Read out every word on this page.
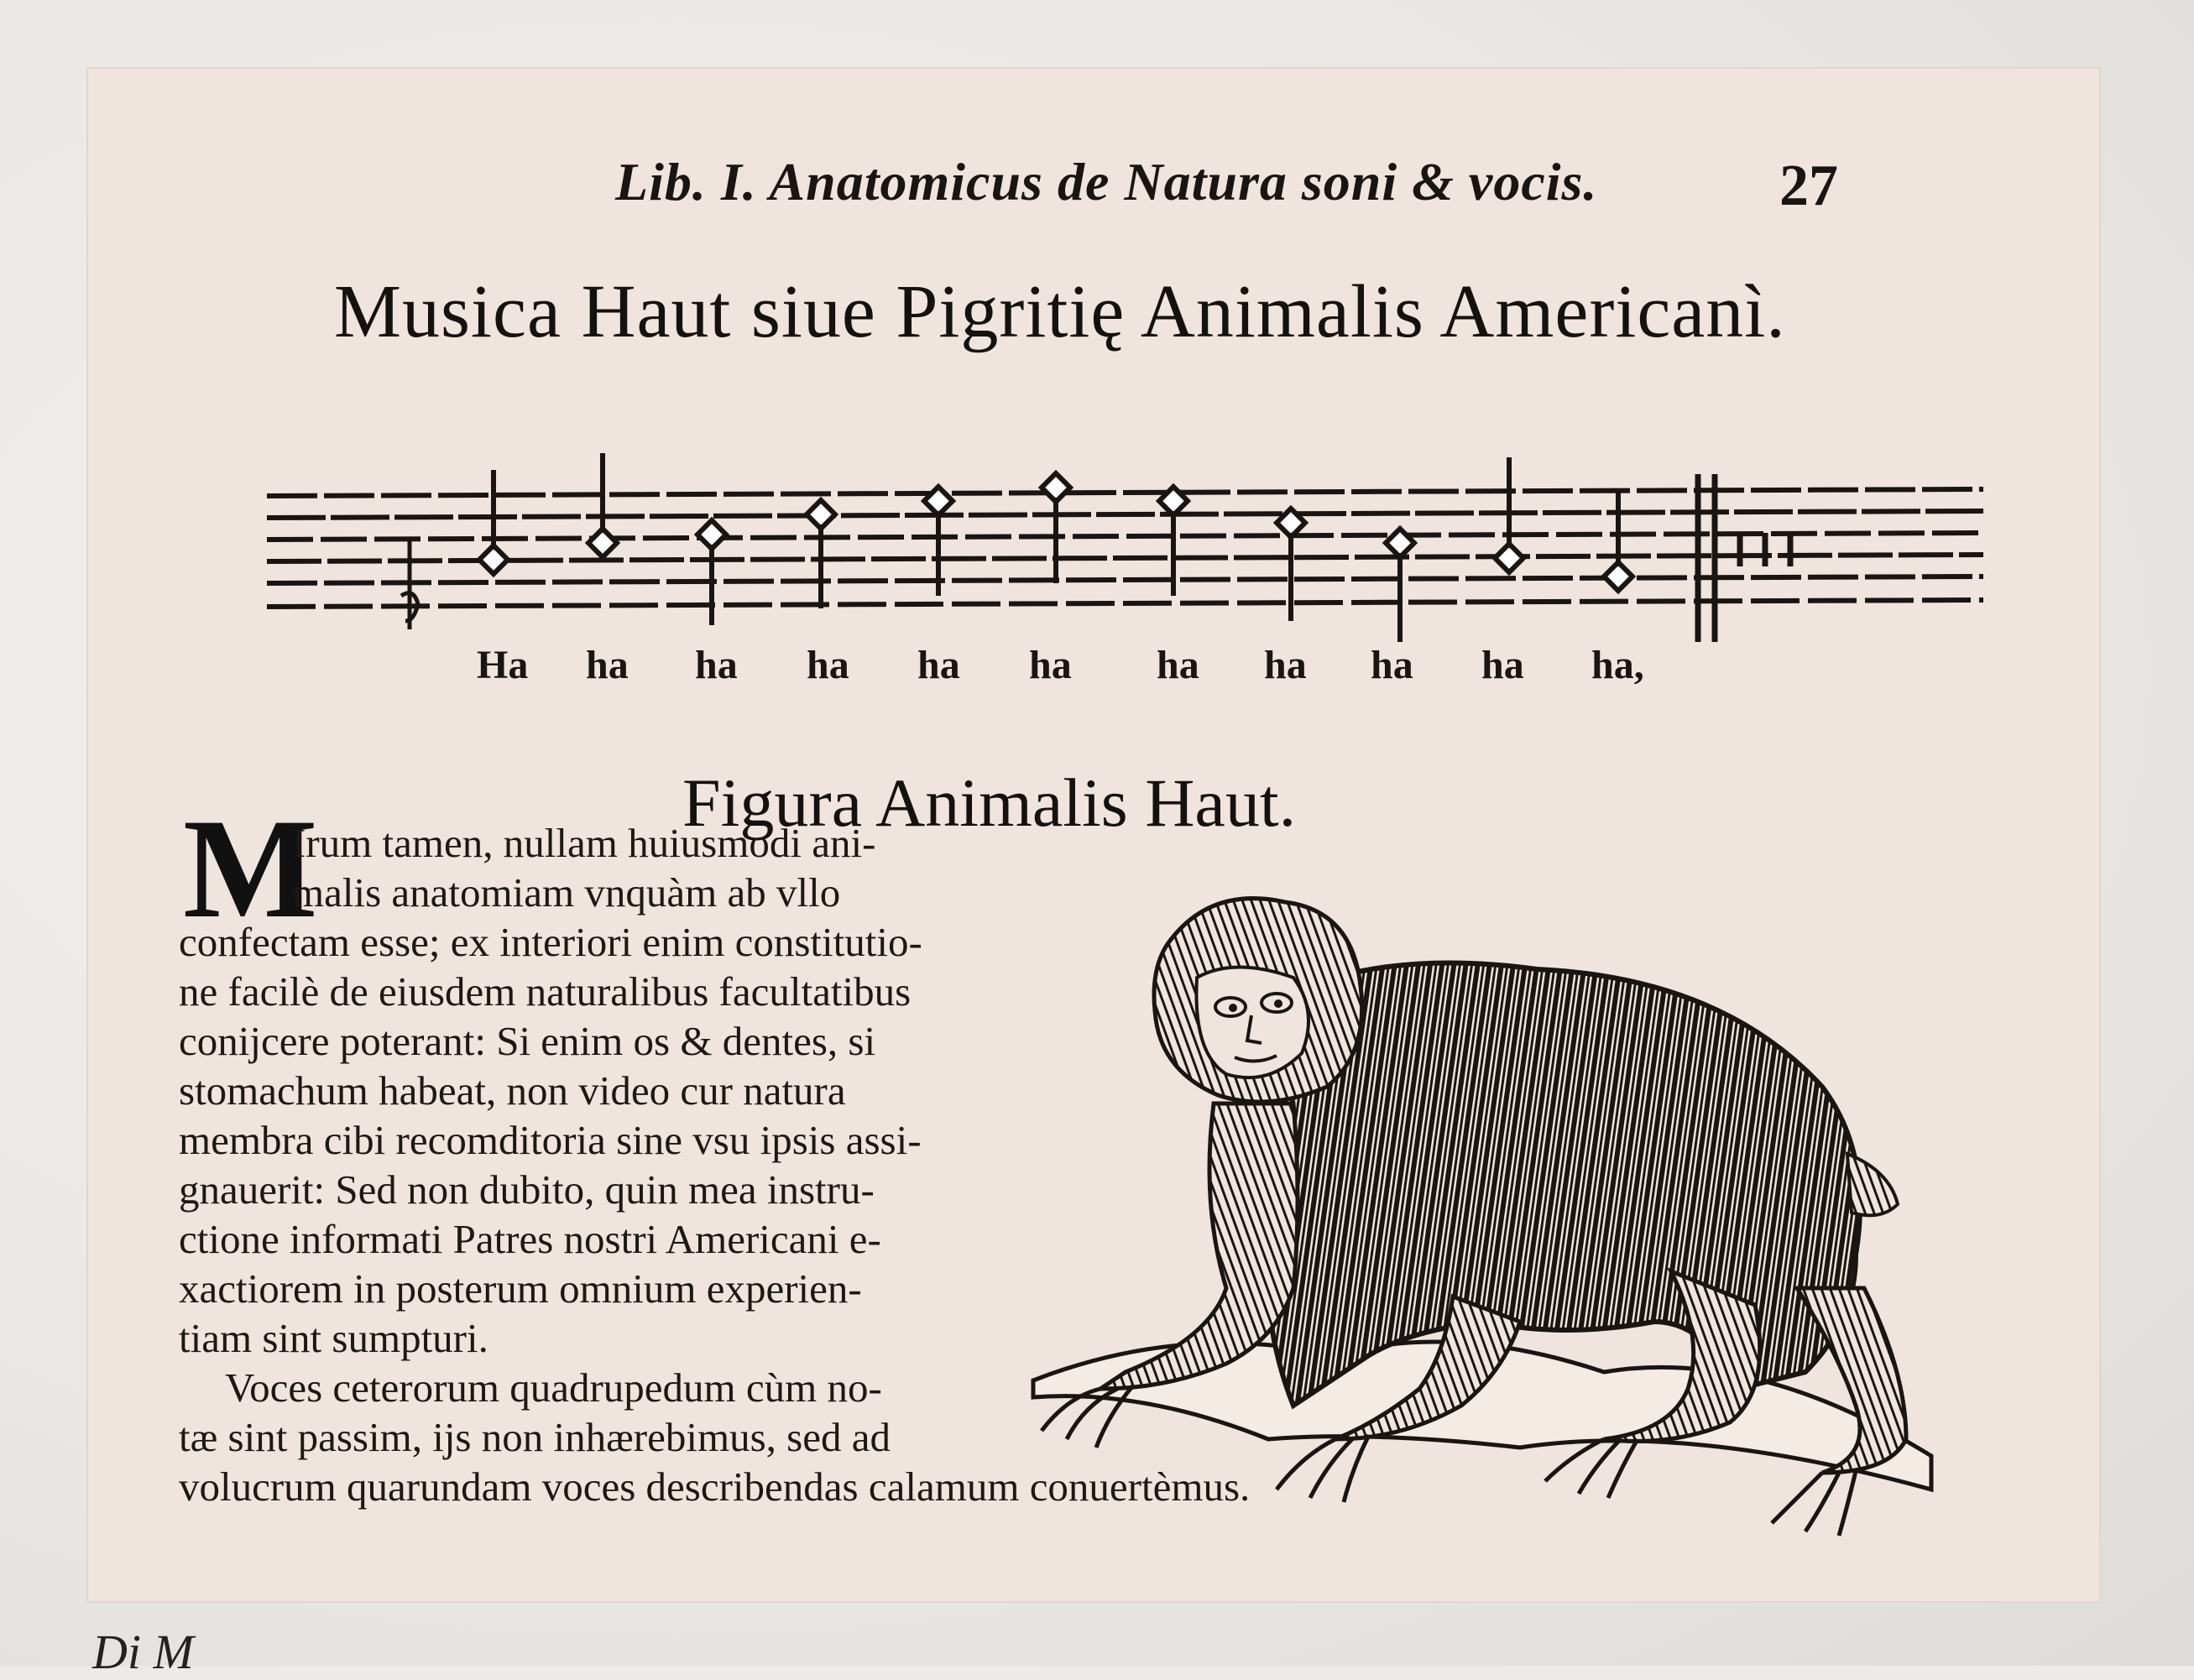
Lib. I. Anatomicus de Natura soni & vocis.	27
Musica Haut siue Pigritię Animalis Americanì.
Ha ha ha ha ha ha ha ha ha ha ha,
Figura Animalis Haut.
M
Irum tamen, nullam huiusmodi ani-
malis anatomiam vnquàm ab vllo
confectam esse; ex interiori enim constitutio-
ne facilè de eiusdem naturalibus facultatibus
conijcere poterant: Si enim os & dentes, si
stomachum habeat, non video cur natura
membra cibi recomditoria sine vsu ipsis assi-
gnauerit: Sed non dubito, quin mea instru-
ctione informati Patres nostri Americani e-
xactiorem in posterum omnium experien-
tiam sint sumpturi.
Voces ceterorum quadrupedum cùm no-
tæ sint passim, ijs non inhærebimus, sed ad
volucrum quarundam voces describendas calamum conuertèmus.
Di M
